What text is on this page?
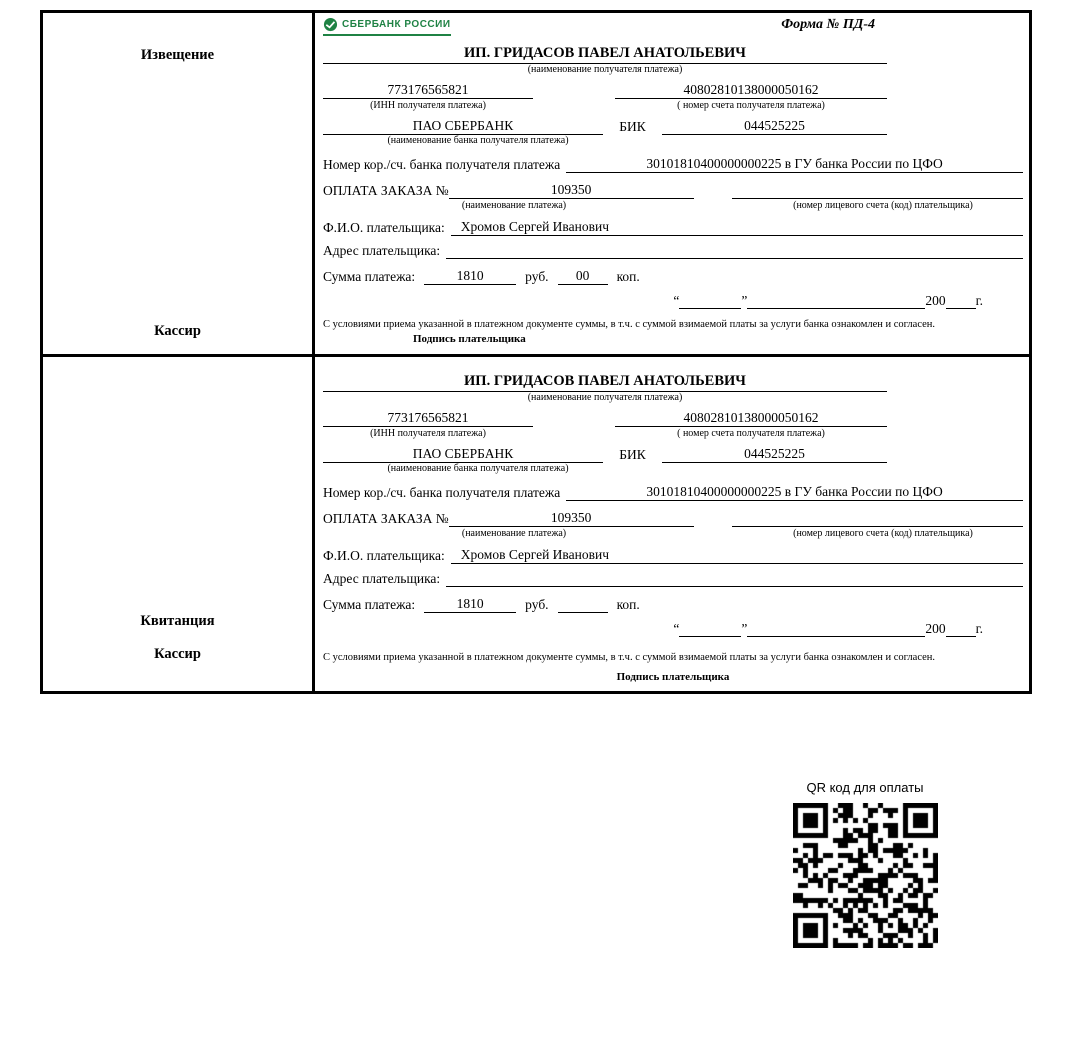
Извещение
Кассир
СБЕРБАНК РОССИИ	Форма № ПД-4
ИП. ГРИДАСОВ ПАВЕЛ АНАТОЛЬЕВИЧ
(наименование получателя платежа)
773176565821	40802810138000050162
(ИНН получателя платежа)	( номер счета получателя платежа)
ПАО СБЕРБАНК	БИК	044525225
(наименование банка получателя платежа)
Номер кор./сч. банка получателя платежа	30101810400000000225 в ГУ банка России по ЦФО
ОПЛАТА ЗАКАЗА №	109350
(наименование платежа)	(номер лицевого счета (код) плательщика)
Ф.И.О. плательщика:	Хромов Сергей Иванович
Адрес плательщика:
Сумма платежа:	1810	руб.	00	коп.
“	”	200 г.
С условиями приема указанной в платежном документе суммы, в т.ч. с суммой взимаемой платы за услуги банка ознакомлен и согласен. Подпись плательщика
Квитанция
Кассир
ИП. ГРИДАСОВ ПАВЕЛ АНАТОЛЬЕВИЧ
(наименование получателя платежа)
773176565821	40802810138000050162
(ИНН получателя платежа)	( номер счета получателя платежа)
ПАО СБЕРБАНК	БИК	044525225
(наименование банка получателя платежа)
Номер кор./сч. банка получателя платежа	30101810400000000225 в ГУ банка России по ЦФО
ОПЛАТА ЗАКАЗА №	109350
(наименование платежа)	(номер лицевого счета (код) плательщика)
Ф.И.О. плательщика:	Хромов Сергей Иванович
Адрес плательщика:
Сумма платежа:	1810	руб.	коп.
“	”	200 г.
С условиями приема указанной в платежном документе суммы, в т.ч. с суммой взимаемой платы за услуги банка ознакомлен и согласен.
Подпись плательщика
QR код для оплаты
